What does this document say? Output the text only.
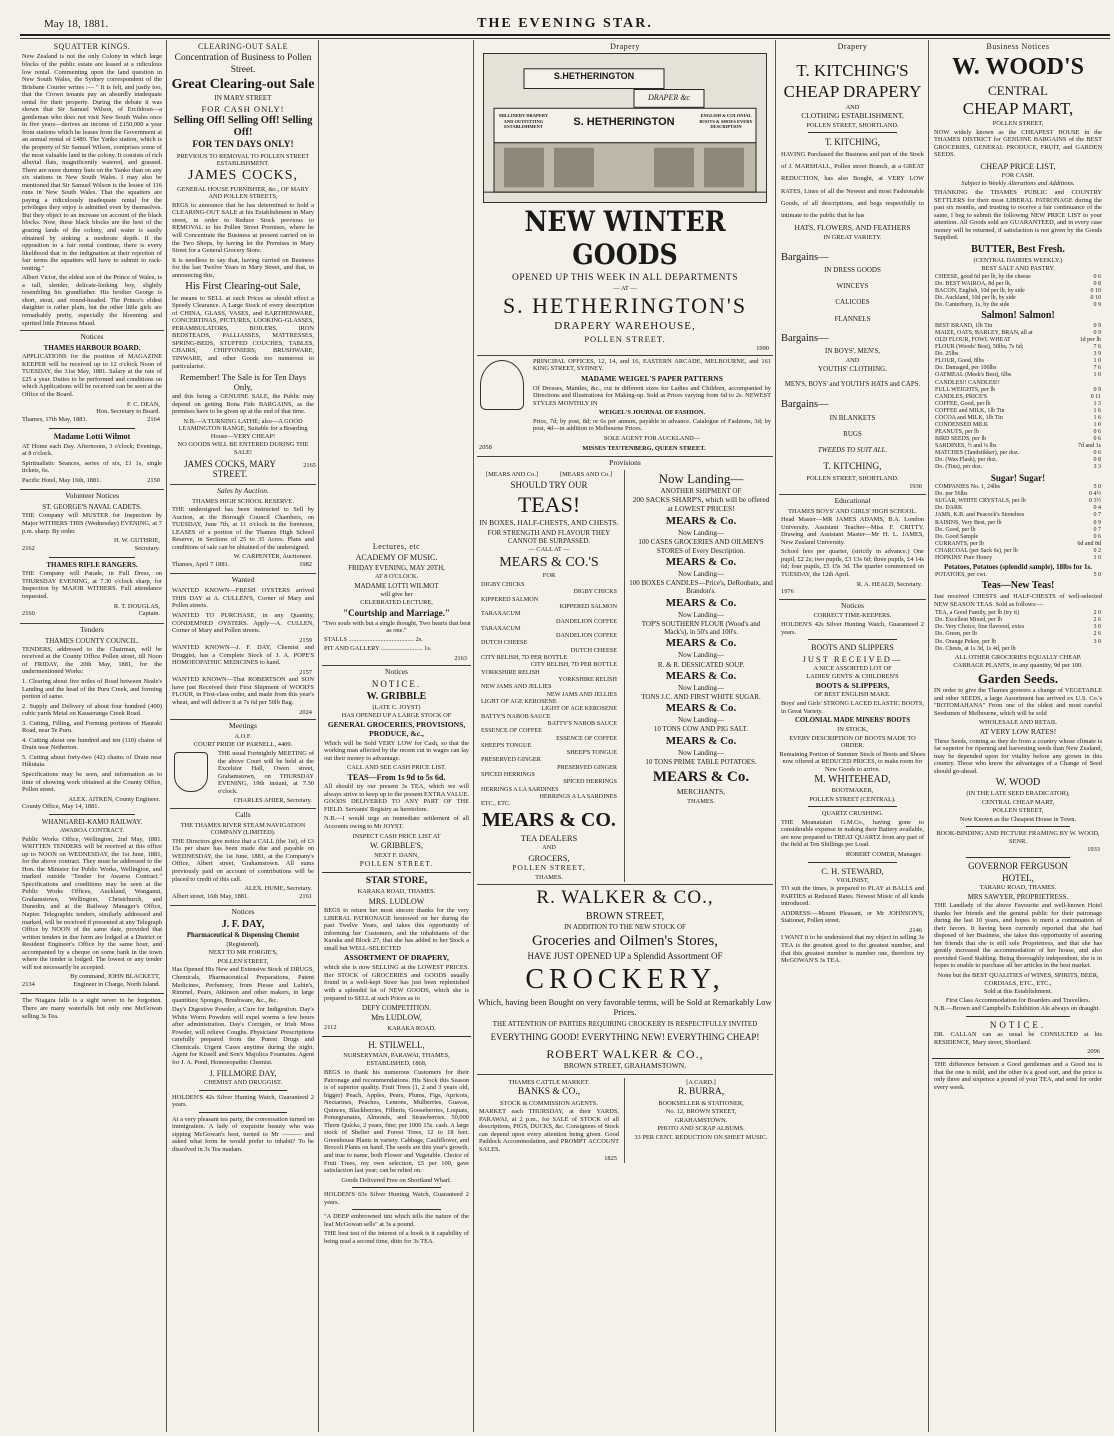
May 18, 1881.	THE EVENING STAR.
SQUATTER KINGS.

New Zealand is not the only Colony in which large blocks of the public estate are leased at a ridiculous low rental. Commenting upon the land question in New South Wales, the Sydney correspondent of the Brisbane Courier writes :— " It is felt, and justly too, that the Crown tenants pay an absurdly inadequate rental for their property. During the debate it was shown that Sir Samuel Wilson, of Ercildoun—a gentleman who does not visit New South Wales once in five years—derives an income of £150,000 a year from stations which he leases from the Government at an annual rental of £480. The Yanko station, which is the property of Sir Samuel Wilson, comprises some of the most valuable land in the colony. It consists of rich alluvial flats, magnificently watered, and grassed. There are more dummy huts on the Yanko than on any six stations in New South Wales. I may also be mentioned that Sir Samuel Wilson is the lessee of 116 runs in New South Wales. That the squatters are paying a ridiculously inadequate rental for the privileges they enjoy is admitted even by themselves. But they object to an increase on account of the black blocks. Now, these black blocks are the best of the grazing lands of the colony, and water is easily obtained by sinking a moderate depth. If the opposition to a fair rental continue, there is every likelihood that in the indignation at their rejection of fair terms the squatters will have to submit to rack-renting."

Albert Victor, the eldest son of the Prince of Wales, is a tall, slender, delicate-looking boy, slightly resembling his grandfather. His brother George is short, stout, and round-headed. The Prince's eldest daughter is rather plain, but the other little girls are remarkably pretty, especially the blooming and spirited little Princess Maud.

Notices
THAMES HARBOUR BOARD.

APPLICATIONS for the position of MAGAZINE KEEPER will be received up to 12 o'clock Noon of TUESDAY, the 31st May, 1881. Salary at the rate of £25 a year. Duties to be performed and conditions on which Applications will be received can be seen at the Office of the Board.

F. C. DEAN,
Hon. Secretary to Board.
Thames, 17th May, 1881.	2164
Madame Lotti Wilmot

AT Home each Day. Afternoons, 3 o'clock; Evenings, at 8 o'clock.

Spiritualistic Seances, series of six, £1 1s, single tickets, 6s.

Pacific Hotel, May 16th, 1881.	2150
Volunteer Notices
ST. GEORGE'S NAVAL CADETS.

THE Company will MUSTER for Inspection by Major WITHERS THIS (Wednesday) EVENING, at 7 p.m. sharp. By order.

H. W. GUTHRIE,
2162	Secretary.
THAMES RIFLE RANGERS.

THE Company will Parade, in Full Dress, on THURSDAY EVENING, at 7.30 o'clock sharp, for Inspection by MAJOR WITHERS. Full attendance requested.

R. T. DOUGLAS,
2160	Captain.
Tenders
THAMES COUNTY COUNCIL.

TENDERS, addressed to the Chairman, will be received at the County Office Pollen street, till Noon of FRIDAY, the 20th May, 1881, for the undermentioned Works:

1. Clearing about five miles of Road between Neale's Landing and the head of the Puru Creek, and forming portion of same.

2. Supply and Delivery of about four hundred (400) cubic yards Metal on Kauaeranga Creek Road.

3. Cutting, Filling, and Forming portions of Hauraki Road, near Te Puru.

4. Cutting about one hundred and ten (110) chains of Drain near Netherton.

5. Cutting about forty-two (42) chains of Drain near Hikutaia.

Specifications may be seen, and information as to time of showing work obtained at the County Office, Pollen street.

ALEX. AITKEN, County Engineer.
County Office, May 14, 1881.
WHANGAREI-KAMO RAILWAY.
AWAROA CONTRACT.

Public Works Office, Wellington, 2nd May, 1881. WRITTEN TENDERS will be received at this office up to NOON on WEDNESDAY, the 1st June, 1881, for the above contract. They must be addressed to the Hon. the Minister for Public Works, Wellington, and marked outside "Tender for Awaroa Contract." Specifications and conditions may be seen at the Public Works Offices, Auckland, Wanganui, Grahamstown, Wellington, Christchurch, and Dunedin, and at the Railway Manager's Office, Napier. Telegraphic tenders, similarly addressed and marked, will be received if presented at any Telegraph Office by NOON of the same date, provided that written tenders in due form are lodged at a District or Resident Engineer's Office by the same hour, and accompanied by a cheque on some bank in the town where the tender is lodged. The lowest or any tender will not necessarily be accepted.

By command, JOHN BLACKETT,
2134	Engineer in Charge, North Island.

The Niagara falls is a sight never to be forgotten. There are many waterfalls but only one McGowan selling 3s Tea.

CLEARING-OUT SALE
Concentration of Business to Pollen Street.
Great Clearing-out Sale
IN MARY STREET
FOR CASH ONLY!
Selling Off! Selling Off! Selling Off!
FOR TEN DAYS ONLY!
PREVIOUS TO REMOVAL TO POLLEN STREET ESTABLISHMENT.
JAMES COCKS,
GENERAL HOUSE FURNISHER, &c., OF MARY AND POLLEN STREETS,

BEGS to announce that he has determined to hold a CLEARING-OUT SALE at his Establishment in Mary street, in order to Reduce Stock previous to REMOVAL to his Pollen Street Premises, where he will Concentrate the Business at present carried on in the Two Shops, by having let the Premises in Mary Street for a General Grocery Store.

It is needless to say that, having carried on Business for the last Twelve Years in Mary Street, and that, in announcing this,

His First Clearing-out Sale,

he means to SELL at such Prices as should effect a Speedy Clearance. A Large Stock of every description of CHINA, GLASS, VASES, and EARTHENWARE, CONCERTINAS, PICTURES, LOOKING-GLASSES, PERAMBULATORS, BOILERS, IRON BEDSTEADS, PALLIASSES, MATTRESSES, SPRING-BEDS, STUFFED COUCHES, TABLES, CHAIRS, CHIFFONIERS, BRUSHWARE, TINWARE, and other Goods too numerous to particularise.

Remember! The Sale is for Ten Days Only,

and this being a GENUINE SALE, the Public may depend on getting Bona Fide BARGAINS, as the premises have to be given up at the end of that time.

N.B.—A TURNING LATHE; also—A GOOD LEAMINGTON RANGE, Suitable for a Boarding House—VERY CHEAP!

NO GOODS WILL BE ENTERED DURING THE SALE!

JAMES COCKS, MARY STREET.
2165
Sales by Auction.
THAMES HIGH SCHOOL RESERVE.

THE undersigned has been instructed to Sell by Auction, at the Borough Council Chambers, on TUESDAY, June 7th, at 11 o'clock in the forenoon, LEASES of a portion of the Thames High School Reserve, in Sections of 25 to 35 Acres. Plans and conditions of sale can be obtained of the undersigned.

W. CARPENTER, Auctioneer.
Thames, April 7 1881.	1982
Wanted

WANTED KNOWN—FRESH OYSTERS arrived THIS DAY at A. CULLEN'S, Corner of Mary and Pollen streets.

WANTED TO PURCHASE, in any Quantity, CONDEMNED OYSTERS. Apply—A. CULLEN, Corner of Mary and Pollen streets.

2159

WANTED KNOWN—J. F. DAY, Chemist and Druggist, has a Complete Stock of J. A. POPE'S HOMOEOPATHIC MEDICINES to hand.

2157

WANTED KNOWN—That ROBERTSON and SON have just Received their First Shipment of WOOD'S FLOUR, in First-class order, and made from this year's wheat, and will deliver it at 7s 6d per 50lb Bag.

2024
Meetings
A.O.F.
COURT PRIDE OF PARNELL, 4409.

THE usual Fortnightly MEETING of the above Court will be held at the Excelsior Hall, Owen street, Grahamstown, on THURSDAY EVENING, 19th instant, at 7.30 o'clock.

CHARLES AHIER, Secretary.
Calls
THE THAMES RIVER STEAM NAVIGATION COMPANY (LIMITED).

THE Directors give notice that a CALL (the 1st), of £3 15s per share has been made due and payable on WEDNESDAY, the 1st June, 1881, at the Company's Office, Albert street, Grahamstown. All sums previously paid on account of contributions will be placed to credit of this call.

ALEX. HUME, Secretary.
Albert street, 16th May, 1881.	2161
Notices
J. F. DAY,
Pharmaceutical & Dispensing Chemist
(Registered).
NEXT TO MR FORGIE'S,
POLLEN STREET,

Has Opened His New and Extensive Stock of DRUGS, Chemicals, Pharmaceutical Preparations, Patent Medicines, Perfumery, from Piesse and Lubin's, Rimmel, Pears, Atkinson and other makers, in large quantities; Sponges, Brushware, &c., &c.

Day's Digestive Powder, a Cure for Indigestion. Day's White Worm Powders will expel worms a few hours after administration. Day's Corrigen, or Irish Moss Powder, will relieve Coughs. Physicians' Prescriptions carefully prepared from the Purest Drugs and Chemicals. Urgent Cases anytime during the night. Agent for Kissell and Son's Majolica Fountains. Agent for J. A. Pond, Homoeopathic Chemist.

J. FILLMORE DAY,
CHEMIST AND DRUGGIST.

HOLDEN'S 42s Silver Hunting Watch, Guaranteed 2 years.

At a very pleasant tea party, the conversation turned on immigration. A lady of exquisite beauty who was sipping McGowan's best, turned to Mr ——— and asked what form he would prefer to inhabit? To be dissolved in 3s Tea madam.

Lectures, etc
ACADEMY OF MUSIC.
FRIDAY EVENING, MAY 20TH,
AT 8 O'CLOCK.
MADAME LOTTI WILMOT
will give her
CELEBRATED LECTURE,
"Courtship and Marriage."
"Two souls with but a single thought, Two hearts that beat as one."
STALLS ......................................... 2s.
PIT AND GALLERY .......................... 1s.
2163
Notices
NOTICE.
W. GRIBBLE
(LATE C. JOYST)
HAS OPENED UP A LARGE STOCK OF
GENERAL GROCERIES, PROVISIONS, PRODUCE, &c.,

Which will be Sold VERY LOW for Cash, so that the working man affected by the recent cut in wages can lay out their money to advantage.

CALL AND SEE CASH PRICE LIST.
TEAS—From 1s 9d to 5s 6d.

All should try our present 3s TEA, which we will always strive to keep up to the present EXTRA VALUE. GOODS DELIVERED TO ANY PART OF THE FIELD. Servants' Registry as heretofore.

N.B.—I would urge an immediate settlement of all Accounts owing to Mr JOYST.

INSPECT CASH PRICE LIST AT
W. GRIBBLE'S,
NEXT F. DANN,
POLLEN STREET.
STAR STORE,
KARAKA ROAD, THAMES.
MRS. LUDLOW

BEGS to return her most sincere thanks for the very LIBERAL PATRONAGE bestowed on her during the past Twelve Years, and takes this opportunity of informing her Customers, and the inhabitants of the Karaka and Block 27, that she has added to her Stock a small but WELL-SELECTED

ASSORTMENT OF DRAPERY,

which she is now SELLING at the LOWEST PRICES. Her STOCK of GROCERIES and GOODS usually found in a well-kept Store has just been replenished with a splendid lot of NEW GOODS, which she is prepared to SELL at such Prices as to

DEFY COMPETITION.
Mrs LUDLOW,
2112	KARAKA ROAD.
H. STILWELL,
NURSERYMAN, PARAWAI, THAMES,
ESTABLISHED, 1868,

BEGS to thank his numerous Customers for their Patronage and recommendations. His Stock this Season is of superior quality. Fruit Trees (1, 2 and 3 years old, bigger) Peach, Apples, Pears, Plums, Figs, Apricots, Nectarines, Peaches, Lemons, Mulberries, Guavas, Quinces, Blackberries, Filberts, Gooseberries, Loquats, Pomegranates, Almonds, and Strawberries. 50,000 Thorn Quicks, 2 years, fine; per 1000 15s. cash. A large stock of Shelter and Forest Trees, 12 to 18 feet. Greenhouse Plants in variety. Cabbage, Cauliflower, and Brocoli Plants on hand. The seeds are this year's growth, and true to name, both Flower and Vegetable. Choice of Fruit Trees, my own selection, £5 per 100, gave satisfaction last year; can be relied on.

Goods Delivered Free on Shortland Wharf.

HOLDEN'S 63s Silver Hunting Watch, Guaranteed 2 years.

"A DEEP embrowned tint which tells the nature of the leaf McGowan sells" at 3s a pound.

THE best test of the interest of a book is it capability of being read a second time, ditto for 3s TEA.

Drapery
S.HETHERINGTON
DRAPER &c
S. HETHERINGTON
MILLINERY DRAPERY AND OUTFITTING ESTABLISHMENT
ENGLISH & COLONIAL BOOTS & SHOES EVERY DESCRIPTION
NEW WINTER GOODS
OPENED UP THIS WEEK IN ALL DEPARTMENTS
— AT —
S. HETHERINGTON'S
DRAPERY WAREHOUSE,
POLLEN STREET.
1990

PRINCIPAL OFFICES, 12, 14, and 16, EASTERN ARCADE, MELBOURNE, and 161 KING STREET, SYDNEY.

MADAME WEIGEL'S PAPER PATTERNS

Of Dresses, Mantles, &c., cut in different sizes for Ladies and Children, accompanied by Directions and Illustrations for Making-up. Sold at Prices varying from 6d to 2s. NEWEST STYLES MONTHLY IN

WEIGEL'S JOURNAL OF FASHION.

Price, 7d; by post, 8d; or 6s per annum, payable in advance. Catalogue of Fashions, 3d; by post, 4d—in addition to Melbourne Prices.

SOLE AGENT FOR AUCKLAND—
2058	MISSES TEUTENBERG, QUEEN STREET.
Provisions
[MEARS AND Co.]	[MEARS AND Co.]
SHOULD TRY OUR
TEAS!
IN BOXES, HALF-CHESTS, AND CHESTS.
FOR STRENGTH AND FLAVOUR THEY CANNOT BE SURPASSED.
— CALL AT —
MEARS & CO.'S
FOR

DIGBY CHICKS

DIGBY CHICKS

KIPPERED SALMON

KIPPERED SALMON

TARAXACUM

DANDELION COFFEE

TARAXACUM

DANDELION COFFEE

DUTCH CHEESE

DUTCH CHEESE

CITY RELISH, 7D PER BOTTLE

CITY RELISH, 7D PER BOTTLE

YORKSHIRE RELISH

YORKSHIRE RELISH

NEW JAMS AND JELLIES

NEW JAMS AND JELLIES

LIGHT OF AGE KEROSENE

LIGHT OF AGE KEROSENE

BATTY'S NABOB SAUCE

BATTY'S NABOB SAUCE

ESSENCE OF COFFEE

ESSENCE OF COFFEE

SHEEP'S TONGUE

SHEEP'S TONGUE

PRESERVED GINGER

PRESERVED GINGER

SPICED HERRINGS

SPICED HERRINGS

HERRINGS A LA SARDINES

HERRINGS A LA SARDINES

ETC., ETC.

MEARS & CO.
TEA DEALERS
AND
GROCERS,
POLLEN STREET,
THAMES.
Now Landing—
ANOTHER SHIPMENT OF
200 SACKS SHARP'S, which will be offered at LOWEST PRICES!
MEARS & Co.
Now Landing—

100 CASES GROCERIES AND OILMEN'S STORES of Every Description.

MEARS & Co.
Now Landing—

100 BOXES CANDLES—Price's, DeRoubaix, and Brandon's.

MEARS & Co.
Now Landing—

TOP'S SOUTHERN FLOUR (Wood's and Mack's), in 50's and 100's.

MEARS & Co.
Now Landing—

R. & R. DESSICATED SOUP.

MEARS & Co.
Now Landing—

TONS J.C. AND FIRST WHITE SUGAR.

MEARS & Co.
Now Landing—

10 TONS COW AND PIG SALT.

MEARS & Co.
Now Landing—

10 TONS PRIME TABLE POTATOES.

MEARS & Co.
MERCHANTS,
THAMES.
R. WALKER & CO.,
BROWN STREET,
IN ADDITION TO THE NEW STOCK OF
Groceries and Oilmen's Stores,
HAVE JUST OPENED UP a Splendid Assortment OF
CROCKERY,
Which, having been Bought on very favorable terms, will be Sold at Remarkably Low Prices.
THE ATTENTION OF PARTIES REQUIRING CROCKERY IS RESPECTFULLY INVITED
EVERYTHING GOOD! EVERYTHING NEW! EVERYTHING CHEAP!
ROBERT WALKER & CO.,
BROWN STREET, GRAHAMSTOWN.
THAMES CATTLE MARKET.
BANKS & CO.,
STOCK & COMMISSION AGENTS.

MARKET each THURSDAY, at their YARDS, PARAWAI, at 2 p.m., for SALE of STOCK of all descriptions, PIGS, DUCKS, &c. Consignees of Stock can depend upon every attention being given. Good Paddock Accommodation, and PROMPT ACCOUNT SALES.

1825
[A CARD.]
R. BURRA,
BOOKSELLER & STATIONER,
No. 12, BROWN STREET,
GRAHAMSTOWN.
PHOTO AND SCRAP ALBUMS.
33 PER CENT. REDUCTION ON SHEET MUSIC.
Drapery
T. KITCHING'S
CHEAP DRAPERY
AND
CLOTHING ESTABLISHMENT,
POLLEN STREET, SHORTLAND.
T. KITCHING,

HAVING Purchased the Business and part of the Stock of J. MARSHALL, Pollen street Branch, at a GREAT REDUCTION, has also Bought, at VERY LOW RATES, Lines of all the Newest and most Fashionable Goods, of all descriptions, and begs respectfully to intimate to the public that he has

HATS, FLOWERS, AND FEATHERS
IN GREAT VARIETY.
Bargains—
IN DRESS GOODS
WINCEYS
CALICOES
FLANNELS
Bargains—
IN BOYS', MEN'S,
AND
YOUTHS' CLOTHING.
MEN'S, BOYS' and YOUTH'S HATS and CAPS.
Bargains—
IN BLANKETS
RUGS
TWEEDS TO SUIT ALL.
T. KITCHING,
POLLEN STREET, SHORTLAND.
1930
Educational
THAMES BOYS' AND GIRLS' HIGH SCHOOL.

Head Master—MR JAMES ADAMS, B.A. London University. Assistant Teacher—Miss F. CRITTY. Drawing and Assistant Master—Mr H. L. JAMES, New Zealand University.

School fees per quarter, (strictly in advance.) One pupil, £2 2s; two pupils, £3 13s 6d; three pupils, £4 14s 6d; four pupils, £5 15s 3d. The quarter commenced on TUESDAY, the 12th April.

R. A. HEALD, Secretary.
1976
Notices
CORRECT TIME-KEEPERS.

HOLDEN'S 42s Silver Hunting Watch, Guaranteed 2 years.

BOOTS AND SLIPPERS
JUST RECEIVED—
A NICE ASSORTED LOT OF
LADIES' GENTS' & CHILDREN'S
BOOTS & SLIPPERS,
OF BEST ENGLISH MAKE.

Boys' and Girls' STRONG LACED ELASTIC BOOTS, in Great Variety.

COLONIAL MADE MINERS' BOOTS
IN STOCK,
EVERY DESCRIPTION OF BOOTS MADE TO ORDER.

Remaining Portion of Summer Stock of Boots and Shoes now offered at REDUCED PRICES, to make room for New Goods to arrive.

M. WHITEHEAD,
BOOTMAKER,
POLLEN STREET (CENTRAL).
QUARTZ CRUSHING.

THE Moanataiari G.M.Co., having gone to considerable expense in making their Battery available, are now prepared to TREAT QUARTZ from any part of the field at Ten Shillings per Load.

ROBERT COMER, Manager.
C. H. STEWARD,
VIOLINIST,

TO suit the times, is prepared to PLAY at BALLS and PARTIES at Reduced Rates. Newest Music of all kinds introduced.

ADDRESS:—Mount Pleasant, or Mr JOHNSON'S, Stationer, Pollen street.

2146

I WANT it to be understood that my object in selling 3s TEA is the greatest good to the greatest number, and that this greatest number is number one, therefore try McGOWAN'S 3s TEA.

Business Notices
W. WOOD'S
CENTRAL
CHEAP MART,
POLLEN STREET,

NOW widely known as the CHEAPEST HOUSE in the THAMES DISTRICT for GENUINE BARGAINS of the BEST GROCERIES, GENERAL PRODUCE, FRUIT, and GARDEN SEEDS.

CHEAP PRICE LIST,
FOR CASH.
Subject to Weekly Alterations and Additions.

THANKING the THAMES PUBLIC and COUNTRY SETTLERS for their most LIBERAL PATRONAGE during the past six months, and trusting to receive a fair continuance of the same, I beg to submit the following NEW PRICE LIST to your attention. All Goods sold are GUARANTEED, and in every case money will be returned, if satisfaction is not given by the Goods Supplied.

BUTTER, Best Fresh.
(CENTRAL DAIRIES WEEKLY.)
BEST SALT AND PASTRY.
CHEESE, good 6d per lb, by the cheese	0 6
Do. BEST WAIROA, 8d per lb,	0 8
BACON, English, 10d per lb, by side	0 10
Do. Auckland, 10d per lb, by side	0 10
Do. Canterbury, 1s, by the side	0 9
Salmon! Salmon!
BEST BRAND, 1lb Tin	0 9
MAIZE, OATS, BARLEY, BRAN, all at	0 9
OLD FLOUR, FOWL WHEAT	1d per lb
FLOUR (Woods' Best), 50lbs, 7s 6d;	7 6
Do. 25lbs	3 9
FLOUR, Good, 8lbs	1 0
Do. Damaged, per 100lbs	7 6
OATMEAL (Meek's Best), 6lbs	1 0
CANDLES!! CANDLES!!
FULL WEIGHTS, per lb	0 9
CANDLES, PRICE'S	0 11
COFFEE, Good, per lb	1 3
COFFEE and MILK, 1lb Tin	1 6
COCOA and MILK, 1lb Tin	1 6
CONDENSED MILK	1 0
PEANUTS, per lb	0 6
BIRD SEEDS, per lb	0 6
SARDINES, ½ and ¼ lbs	7d and 1s
MATCHES (Tandstikker), per doz.	0 6
Do. (Wax Flash), per doz.	0 8
Do. (Tins), per doz.	3 3
Sugar! Sugar!
COMPANIES No. 1, 24lbs	5 0
Do. per 56lbs	0 4½
SUGAR, WHITE CRYSTALS, per lb	0 3½
Do. DARK	0 4
JAMS, K.B. and Peacock's Stonelees	0 7
RAISINS, Very Best, per lb	0 9
Do. Good, per lb	0 7
Do. Good Sample	0 6
CURRANTS, per lb	6d and 8d
CHARCOAL (per Sack 6s), per lb	0 2
HOPKINS' Pure Honey	1 0
Potatoes, Potatoes (splendid sample), 18lbs for 1s.
POTATOES, per cwt.	5 0
Teas—New Teas!

Just received CHESTS and HALF-CHESTS of well-selected NEW SEASON TEAS. Sold as follows:—

TEA, a Good Family, per lb (try it)	2 0
Do. Excellent Mixed, per lb	2 6
Do. Very Choice, fine flavored, extra	3 0
Do. Green, per lb	2 6
Do. Orange Pekoe, per lb	3 0
Do. Chests, at 1s 3d, 1s 4d, per lb
ALL OTHER GROCERIES EQUALLY CHEAP.
CABBAGE PLANTS, in any quantity, 9d per 100.
Garden Seeds.

IN order to give the Thames growers a change of VEGETABLE and other SEEDS, a large Assortment has arrived ex U.S. Co.'s "ROTOMAHANA" From one of the oldest and most careful Seedsmen of Melbourne, which will be sold

WHOLESALE AND RETAIL
AT VERY LOW RATES!

These Seeds, coming as they do from a country whose climate is far superior for ripening and harvesting seeds than New Zealand, may be depended upon for vitality before any grown in this country. Those who know the advantages of a Change of Seed should go-ahead.

W. WOOD
(IN THE LATE SEED ERADICATOR),
CENTRAL CHEAP MART,
POLLEN STREET,
Now Known as the Cheapest House in Town.
BOOK-BINDING AND PICTURE FRAMING BY W. WOOD, SENR.
1933
GOVERNOR FERGUSON
HOTEL,
TARARU ROAD, THAMES.
MRS SAWYER, PROPRIETRESS.

THE Landlady of the above Favourite and well-known Hotel thanks her friends and the general public for their patronage during the last 10 years, and hopes to merit a continuation of their favors. It having been currently reported that she had disposed of her Business, she takes this opportunity of assuring her friends that she is still sole Proprietress, and that she has greatly increased the accommodation of her house, and also provided Good Stabling. Being thoroughly independent, she is in hopes to enable to purchase all her articles in the best market.

None but the BEST QUALITIES of WINES, SPIRITS, BEER, CORDIALS, ETC., ETC.,

Sold at this Establishment.

First Class Accommodation for Boarders and Travellers.

N.B.—Brown and Campbell's Exhibition Ale always on draught.

NOTICE.

DR. CALLAN can as usual be CONSULTED at his RESIDENCE, Mary street, Shortland.

2096

THE difference between a Good gentleman and a Good tea is that the one is mild, and the other is a good sort, and the price is only three and sixpence a pound of your TEA, and send for order every week.
